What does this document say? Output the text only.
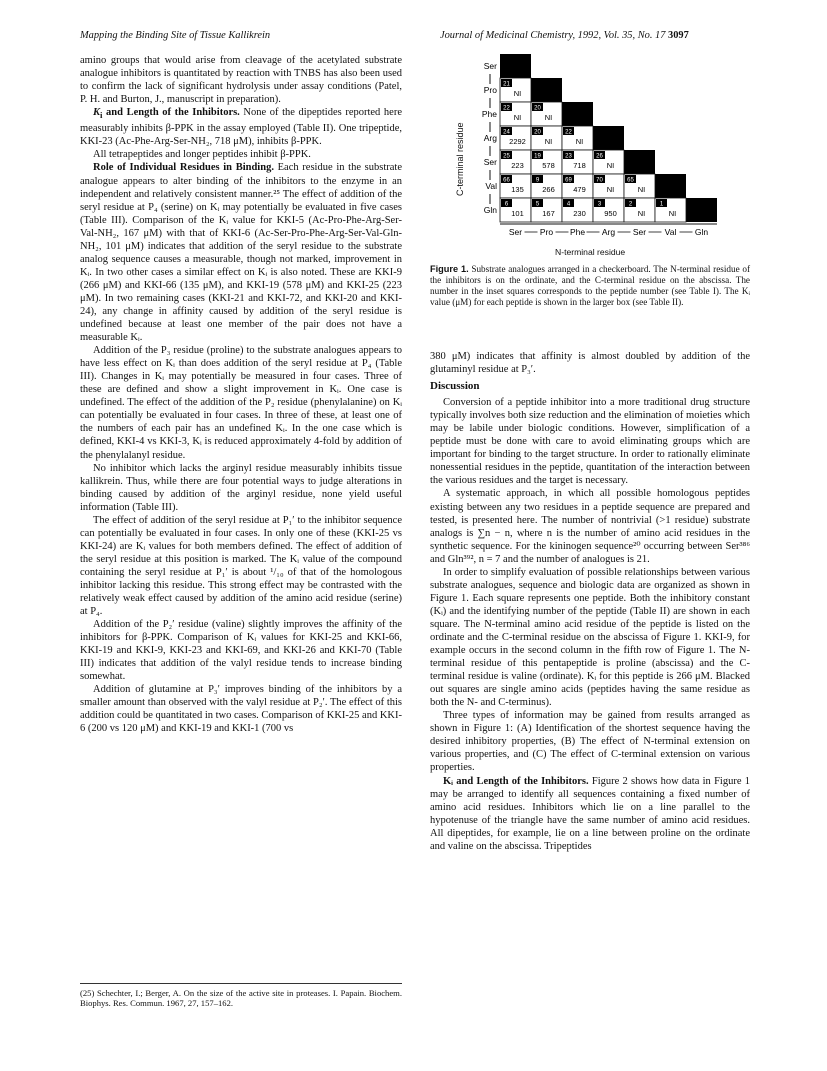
Mapping the Binding Site of Tissue Kallikrein	Journal of Medicinal Chemistry, 1992, Vol. 35, No. 17 3097

amino groups that would arise from cleavage of the acetylated substrate analogue inhibitors is quantitated by reaction with TNBS has also been used to confirm the lack of significant hydrolysis under assay conditions (Patel, P. H. and Burton, J., manuscript in preparation).

$K_i$ and Length of the Inhibitors. None of the dipeptides reported here measurably inhibits β-PPK in the assay employed (Table II). One tripeptide, KKI-23 (Ac-Phe-Arg-Ser-NH₂, 718 μM), inhibits β-PPK.

All tetrapeptides and longer peptides inhibit β-PPK.

Role of Individual Residues in Binding. Each residue in the substrate analogue appears to alter binding of the inhibitors to the enzyme in an independent and relatively consistent manner.²⁵ The effect of addition of the seryl residue at P₄ (serine) on Kᵢ may potentially be evaluated in five cases (Table III). Comparison of the Kᵢ value for KKI-5 (Ac-Pro-Phe-Arg-Ser-Val-NH₂, 167 μM) with that of KKI-6 (Ac-Ser-Pro-Phe-Arg-Ser-Val-Gln-NH₂, 101 μM) indicates that addition of the seryl residue to the substrate analog sequence causes a measurable, though not marked, improvement in Kᵢ. In two other cases a similar effect on Kᵢ is also noted. These are KKI-9 (266 μM) and KKI-66 (135 μM), and KKI-19 (578 μM) and KKI-25 (223 μM). In two remaining cases (KKI-21 and KKI-72, and KKI-20 and KKI-24), any change in affinity caused by addition of the seryl residue is undefined because at least one member of the pair does not have a measurable Kᵢ.

Addition of the P₃ residue (proline) to the substrate analogues appears to have less effect on Kᵢ than does addition of the seryl residue at P₄ (Table III). Changes in Kᵢ may potentially be measured in four cases. Three of these are defined and show a slight improvement in Kᵢ. One case is undefined. The effect of the addition of the P₂ residue (phenylalanine) on Kᵢ can potentially be evaluated in four cases. In three of these, at least one of the numbers of each pair has an undefined Kᵢ. In the one case which is defined, KKI-4 vs KKI-3, Kᵢ is reduced approximately 4-fold by addition of the phenylalanyl residue.

No inhibitor which lacks the arginyl residue measurably inhibits tissue kallikrein. Thus, while there are four potential ways to judge alterations in binding caused by addition of the arginyl residue, none yield useful information (Table III).

The effect of addition of the seryl residue at P₁′ to the inhibitor sequence can potentially be evaluated in four cases. In only one of these (KKI-25 vs KKI-24) are Kᵢ values for both members defined. The effect of addition of the seryl residue at this position is marked. The Kᵢ value of the compound containing the seryl residue at P₁′ is about ¹/₁₀ of that of the homologous inhibitor lacking this residue. This strong effect may be contrasted with the relatively weak effect caused by addition of the amino acid residue (serine) at P₄.

Addition of the P₂′ residue (valine) slightly improves the affinity of the inhibitors for β-PPK. Comparison of Kᵢ values for KKI-25 and KKI-66, KKI-19 and KKI-9, KKI-23 and KKI-69, and KKI-26 and KKI-70 (Table III) indicates that addition of the valyl residue tends to increase binding somewhat.

Addition of glutamine at P₃′ improves binding of the inhibitors by a smaller amount than observed with the valyl residue at P₂′. The effect of this addition could be quantitated in two cases. Comparison of KKI-25 and KKI-6 (200 vs 120 μM) and KKI-19 and KKI-1 (700 vs

(25) Schechter, I.; Berger, A. On the size of the active site in proteases. I. Papain. Biochem. Biophys. Res. Commun. 1967, 27, 157–162.
C-terminal residue
Ser
Pro
Phe
Arg
Ser
Val
Gln
21
NI
22
NI
20
NI
24
2292
20
NI
22
NI
25
223
19
578
23
718
26
NI
66
135
9
266
69
479
70
NI
65
NI
6
101
5
167
4
230
3
950
2
NI
1
NI
Ser Pro Phe Arg Ser Val Gln
N-terminal residue
Figure 1. Substrate analogues arranged in a checkerboard. The N-terminal residue of the inhibitors is on the ordinate, and the C-terminal residue on the abscissa. The number in the inset squares corresponds to the peptide number (see Table I). The Kᵢ value (μM) for each peptide is shown in the larger box (see Table II).

380 μM) indicates that affinity is almost doubled by addition of the glutaminyl residue at P₃′.

Discussion

Conversion of a peptide inhibitor into a more traditional drug structure typically involves both size reduction and the elimination of moieties which may be labile under biologic conditions. However, simplification of a peptide must be done with care to avoid eliminating groups which are important for binding to the target structure. In order to rationally eliminate nonessential residues in the peptide, quantitation of the interaction between the various residues and the target is necessary.

A systematic approach, in which all possible homologous peptides existing between any two residues in a peptide sequence are prepared and tested, is presented here. The number of nontrivial (>1 residue) substrate analogs is ∑n − n, where n is the number of amino acid residues in the synthetic sequence. For the kininogen sequence²⁰ occurring between Ser³⁸⁶ and Gln³⁹², n = 7 and the number of analogues is 21.

In order to simplify evaluation of possible relationships between various substrate analogues, sequence and biologic data are organized as shown in Figure 1. Each square represents one peptide. Both the inhibitory constant (Kᵢ) and the identifying number of the peptide (Table II) are shown in each square. The N-terminal amino acid residue of the peptide is listed on the ordinate and the C-terminal residue on the abscissa of Figure 1. KKI-9, for example occurs in the second column in the fifth row of Figure 1. The N-terminal residue of this pentapeptide is proline (abscissa) and the C-terminal residue is valine (ordinate). Kᵢ for this peptide is 266 μM. Blacked out squares are single amino acids (peptides having the same residue as both the N- and C-terminus).

Three types of information may be gained from results arranged as shown in Figure 1: (A) Identification of the shortest sequence having the desired inhibitory properties, (B) The effect of N-terminal extension on various properties, and (C) The effect of C-terminal extension on various properties.

Kᵢ and Length of the Inhibitors. Figure 2 shows how data in Figure 1 may be arranged to identify all sequences containing a fixed number of amino acid residues. Inhibitors which lie on a line parallel to the hypotenuse of the triangle have the same number of amino acid residues. All dipeptides, for example, lie on a line between proline on the ordinate and valine on the abscissa. Tripeptides
